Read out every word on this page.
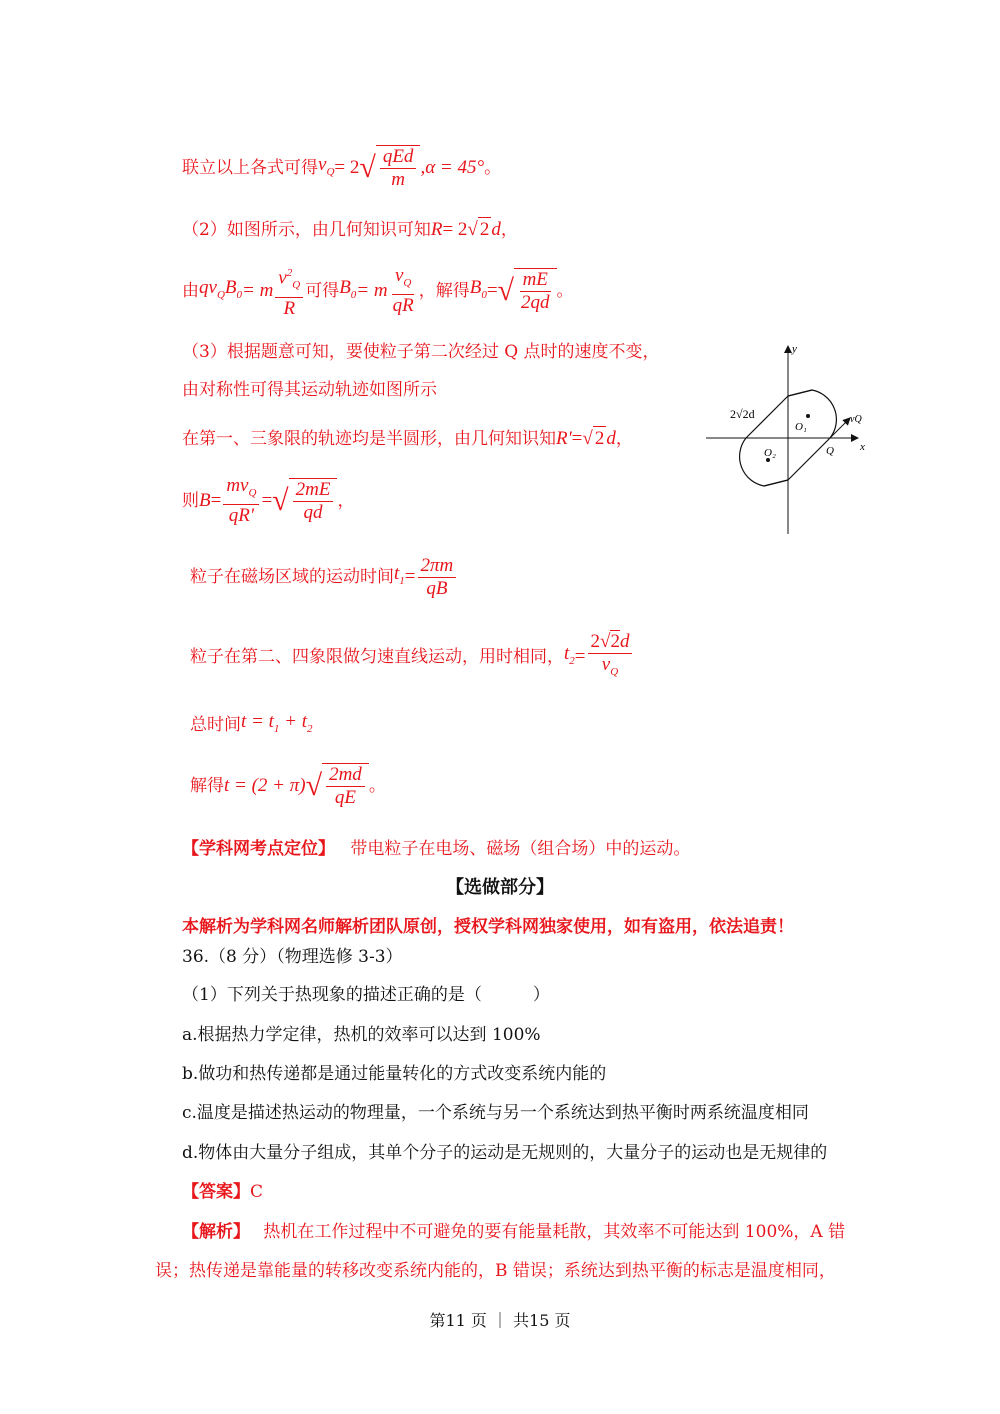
联立以上各式可得 $v_Q = 2$ √ $\frac{\text{qEd}}{m} ,\alpha = 45^\circ$ 。
（2）如图所示，由几何知识可知 R = 2 √ 2 d ，
由 $qv_QB_0 = m \frac{v^2_Q}{R}$ 可得 $B_0 = m \frac{v_Q}{qR}$ ，解得 $B_0$ = √ $\frac{mE}{2qd}$ 。
（3）根据题意可知，要使粒子第二次经过 Q 点时的速度不变，
由对称性可得其运动轨迹如图所示
在第一、三象限的轨迹均是半圆形，由几何知识知 R' = √ 2 d ，
则 $B = \frac{mv_Q}{qR'}$ = √ $\frac{2mE}{qd}$ ，
粒子在磁场区域的运动时间 $t_1 = \frac{2\pi m}{qB}$
粒子在第二、四象限做匀速直线运动，用时相同， $t_2 = \frac{2√2d}{v_Q}$
总时间 $t = t_1 + t_2$
解得 t = (2 + π) √ $\frac{2md}{qE}$ 。
【学科网考点定位】 带电粒子在电场、磁场（组合场）中的运动。
【选做部分】
本解析为学科网名师解析团队原创，授权学科网独家使用，如有盗用，依法追责！
36.（8 分）（物理选修 3-3）
（1）下列关于热现象的描述正确的是（　　　）
a.根据热力学定律，热机的效率可以达到 100%
b.做功和热传递都是通过能量转化的方式改变系统内能的
c.温度是描述热运动的物理量，一个系统与另一个系统达到热平衡时两系统温度相同
d.物体由大量分子组成，其单个分子的运动是无规则的，大量分子的运动也是无规律的
【答案】C
【解析】 热机在工作过程中不可避免的要有能量耗散，其效率不可能达到 100%，A 错
误；热传递是靠能量的转移改变系统内能的，B 错误；系统达到热平衡的标志是温度相同，
第11 页 ｜ 共15 页
y
x
O₁
O₂	Q
2√2d	vQ
